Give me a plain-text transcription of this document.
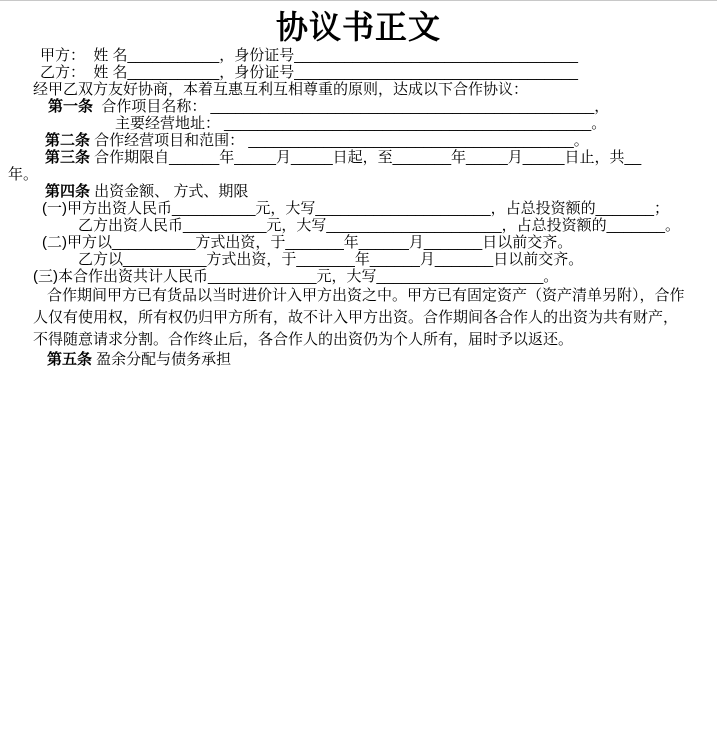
协议书正文

甲方：  姓 名___________，身份证号__________________________________

乙方：  姓 名___________，身份证号__________________________________

经甲乙双方友好协商，本着互惠互利互相尊重的原则，达成以下合作协议：

第一条  合作项目名称： ______________________________________________，

主要经营地址： ____________________________________________。

第二条 合作经营项目和范围： _______________________________________。

第三条 合作期限自______年_____月_____日起，至_______年_____月_____日止，共__

年。

第四条 出资金额、 方式、期限

(一)甲方出资人民币__________元，大写_____________________，占总投资额的_______；

乙方出资人民币__________元，大写_____________________，占总投资额的_______。

(二)甲方以__________方式出资，于_______年______月_______日以前交齐。

乙方以__________方式出资，于_______年______月_______日以前交齐。

(三)本合作出资共计人民币_____________元，大写____________________。

合作期间甲方已有货品以当时进价计入甲方出资之中。甲方已有固定资产（资产清单另附），合作人仅有使用权，所有权仍归甲方所有，故不计入甲方出资。合作期间各合作人的出资为共有财产，不得随意请求分割。合作终止后，各合作人的出资仍为个人所有，届时予以返还。

第五条 盈余分配与债务承担
